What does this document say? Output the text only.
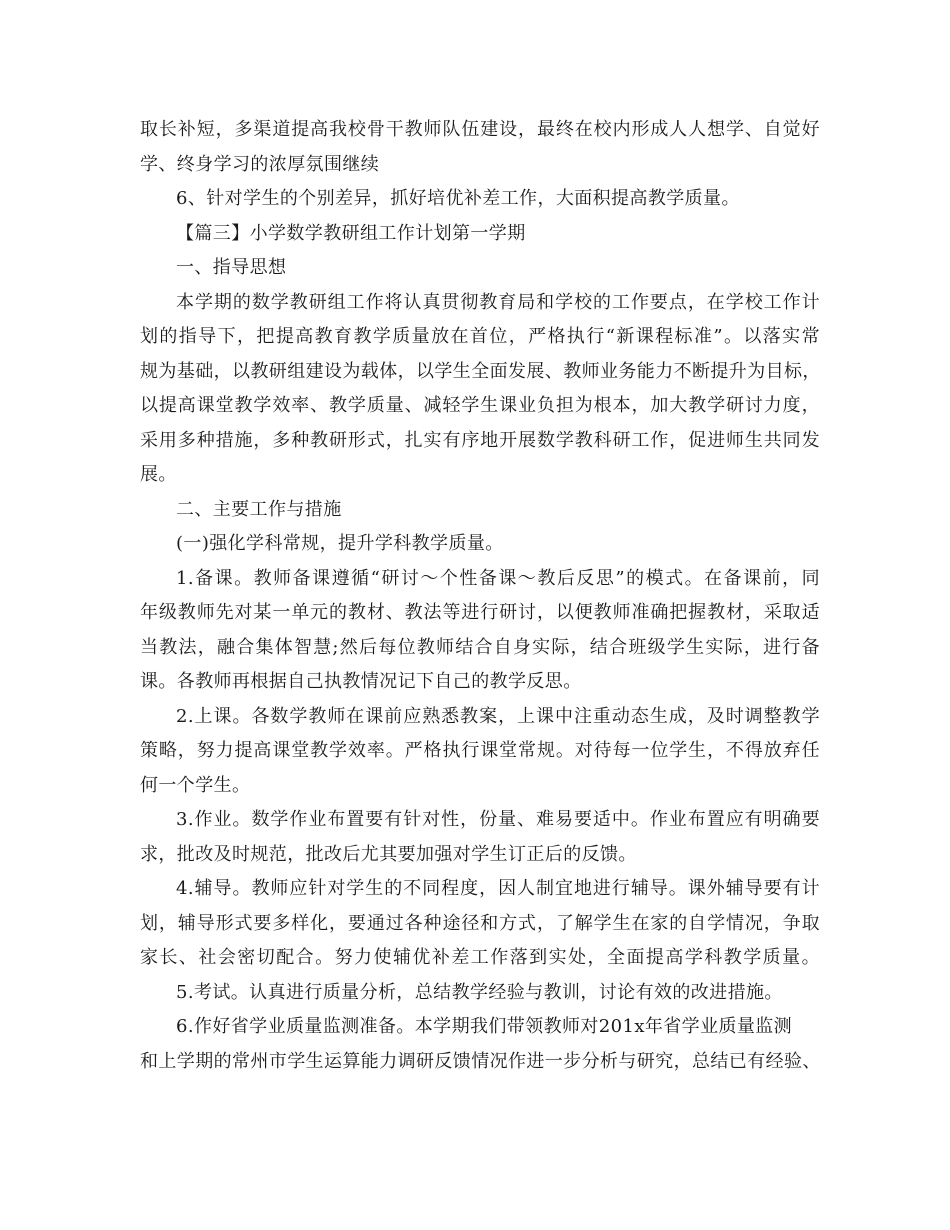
取长补短，多渠道提高我校骨干教师队伍建设，最终在校内形成人人想学、自觉好
学、终身学习的浓厚氛围继续
6、针对学生的个别差异，抓好培优补差工作，大面积提高教学质量。
【篇三】小学数学教研组工作计划第一学期
一、指导思想
本学期的数学教研组工作将认真贯彻教育局和学校的工作要点，在学校工作计
划的指导下，把提高教育教学质量放在首位，严格执行“新课程标准”。以落实常
规为基础，以教研组建设为载体，以学生全面发展、教师业务能力不断提升为目标，
以提高课堂教学效率、教学质量、减轻学生课业负担为根本，加大教学研讨力度，
采用多种措施，多种教研形式，扎实有序地开展数学教科研工作，促进师生共同发
展。
二、主要工作与措施
(一)强化学科常规，提升学科教学质量。
1.备课。教师备课遵循“研讨～个性备课～教后反思”的模式。在备课前，同
年级教师先对某一单元的教材、教法等进行研讨，以便教师准确把握教材，采取适
当教法，融合集体智慧;然后每位教师结合自身实际，结合班级学生实际，进行备
课。各教师再根据自己执教情况记下自己的教学反思。
2.上课。各数学教师在课前应熟悉教案，上课中注重动态生成，及时调整教学
策略，努力提高课堂教学效率。严格执行课堂常规。对待每一位学生，不得放弃任
何一个学生。
3.作业。数学作业布置要有针对性，份量、难易要适中。作业布置应有明确要
求，批改及时规范，批改后尤其要加强对学生订正后的反馈。
4.辅导。教师应针对学生的不同程度，因人制宜地进行辅导。课外辅导要有计
划，辅导形式要多样化，要通过各种途径和方式，了解学生在家的自学情况，争取
家长、社会密切配合。努力使辅优补差工作落到实处，全面提高学科教学质量。
5.考试。认真进行质量分析，总结教学经验与教训，讨论有效的改进措施。
6.作好省学业质量监测准备。本学期我们带领教师对201x年省学业质量监测
和上学期的常州市学生运算能力调研反馈情况作进一步分析与研究，总结已有经验、
